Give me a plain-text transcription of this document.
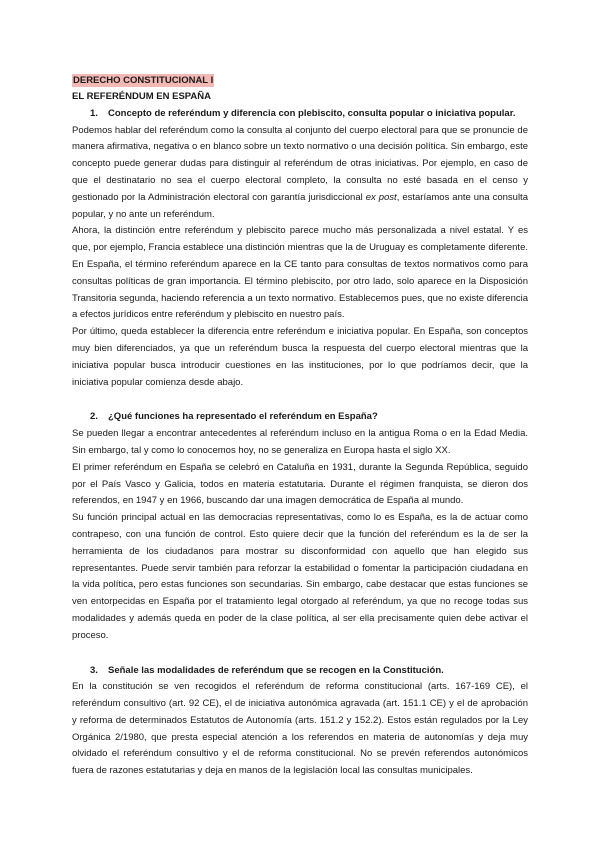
DERECHO CONSTITUCIONAL I
EL REFERÉNDUM EN ESPAÑA
1. Concepto de referéndum y diferencia con plebiscito, consulta popular o iniciativa popular.

Podemos hablar del referéndum como la consulta al conjunto del cuerpo electoral para que se pronuncie de manera afirmativa, negativa o en blanco sobre un texto normativo o una decisión política. Sin embargo, este concepto puede generar dudas para distinguir al referéndum de otras iniciativas. Por ejemplo, en caso de que el destinatario no sea el cuerpo electoral completo, la consulta no esté basada en el censo y gestionado por la Administración electoral con garantía jurisdiccional ex post, estaríamos ante una consulta popular, y no ante un referéndum.

Ahora, la distinción entre referéndum y plebiscito parece mucho más personalizada a nivel estatal. Y es que, por ejemplo, Francia establece una distinción mientras que la de Uruguay es completamente diferente. En España, el término referéndum aparece en la CE tanto para consultas de textos normativos como para consultas políticas de gran importancia. El término plebiscito, por otro lado, solo aparece en la Disposición Transitoria segunda, haciendo referencia a un texto normativo. Establecemos pues, que no existe diferencia a efectos jurídicos entre referéndum y plebiscito en nuestro país.

Por último, queda establecer la diferencia entre referéndum e iniciativa popular. En España, son conceptos muy bien diferenciados, ya que un referéndum busca la respuesta del cuerpo electoral mientras que la iniciativa popular busca introducir cuestiones en las instituciones, por lo que podríamos decir, que la iniciativa popular comienza desde abajo.

2. ¿Qué funciones ha representado el referéndum en España?

Se pueden llegar a encontrar antecedentes al referéndum incluso en la antigua Roma o en la Edad Media. Sin embargo, tal y como lo conocemos hoy, no se generaliza en Europa hasta el siglo XX.

El primer referéndum en España se celebró en Cataluña en 1931, durante la Segunda República, seguido por el País Vasco y Galicia, todos en materia estatutaria. Durante el régimen franquista, se dieron dos referendos, en 1947 y en 1966, buscando dar una imagen democrática de España al mundo.

Su función principal actual en las democracias representativas, como lo es España, es la de actuar como contrapeso, con una función de control. Esto quiere decir que la función del referéndum es la de ser la herramienta de los ciudadanos para mostrar su disconformidad con aquello que han elegido sus representantes. Puede servir también para reforzar la estabilidad o fomentar la participación ciudadana en la vida política, pero estas funciones son secundarias. Sin embargo, cabe destacar que estas funciones se ven entorpecidas en España por el tratamiento legal otorgado al referéndum, ya que no recoge todas sus modalidades y además queda en poder de la clase política, al ser ella precisamente quien debe activar el proceso.

3. Señale las modalidades de referéndum que se recogen en la Constitución.

En la constitución se ven recogidos el referéndum de reforma constitucional (arts. 167-169 CE), el referéndum consultivo (art. 92 CE), el de iniciativa autonómica agravada (art. 151.1 CE) y el de aprobación y reforma de determinados Estatutos de Autonomía (arts. 151.2 y 152.2). Estos están regulados por la Ley Orgánica 2/1980, que presta especial atención a los referendos en materia de autonomías y deja muy olvidado el referéndum consultivo y el de reforma constitucional. No se prevén referendos autonómicos fuera de razones estatutarias y deja en manos de la legislación local las consultas municipales.
